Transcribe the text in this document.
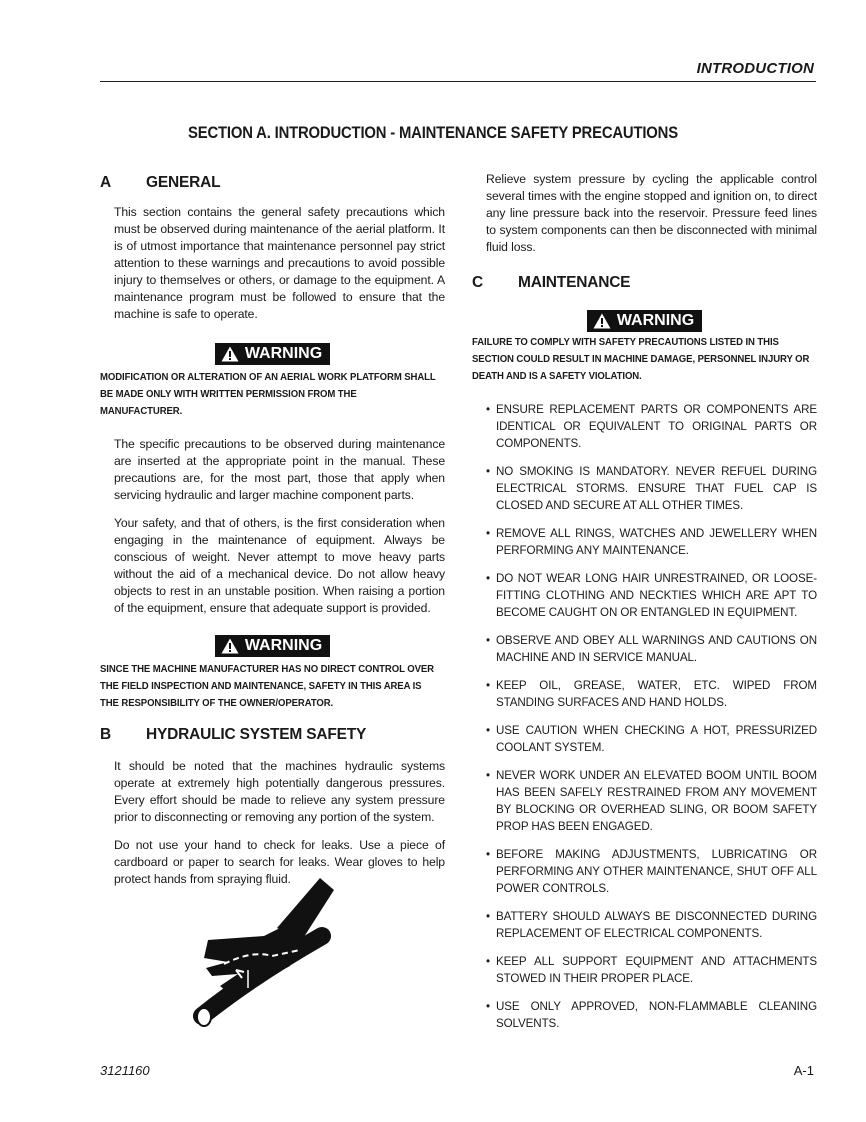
INTRODUCTION
SECTION A. INTRODUCTION - MAINTENANCE SAFETY PRECAUTIONS
A	GENERAL

This section contains the general safety precautions which must be observed during maintenance of the aerial platform. It is of utmost importance that maintenance personnel pay strict attention to these warnings and precautions to avoid possible injury to themselves or others, or damage to the equipment. A maintenance program must be followed to ensure that the machine is safe to operate.

WARNING

MODIFICATION OR ALTERATION OF AN AERIAL WORK PLATFORM SHALL BE MADE ONLY WITH WRITTEN PERMISSION FROM THE MANUFACTURER.

The specific precautions to be observed during maintenance are inserted at the appropriate point in the manual. These precautions are, for the most part, those that apply when servicing hydraulic and larger machine component parts.

Your safety, and that of others, is the first consideration when engaging in the maintenance of equipment. Always be conscious of weight. Never attempt to move heavy parts without the aid of a mechanical device. Do not allow heavy objects to rest in an unstable position. When raising a portion of the equipment, ensure that adequate support is provided.

WARNING

SINCE THE MACHINE MANUFACTURER HAS NO DIRECT CONTROL OVER THE FIELD INSPECTION AND MAINTENANCE, SAFETY IN THIS AREA IS THE RESPONSIBILITY OF THE OWNER/OPERATOR.

B	HYDRAULIC SYSTEM SAFETY

It should be noted that the machines hydraulic systems operate at extremely high potentially dangerous pressures. Every effort should be made to relieve any system pressure prior to disconnecting or removing any portion of the system.

Do not use your hand to check for leaks. Use a piece of cardboard or paper to search for leaks. Wear gloves to help protect hands from spraying fluid.

Relieve system pressure by cycling the applicable control several times with the engine stopped and ignition on, to direct any line pressure back into the reservoir. Pressure feed lines to system components can then be disconnected with minimal fluid loss.

C	MAINTENANCE
WARNING

FAILURE TO COMPLY WITH SAFETY PRECAUTIONS LISTED IN THIS SECTION COULD RESULT IN MACHINE DAMAGE, PERSONNEL INJURY OR DEATH AND IS A SAFETY VIOLATION.

• ENSURE REPLACEMENT PARTS OR COMPONENTS ARE IDENTICAL OR EQUIVALENT TO ORIGINAL PARTS OR COMPONENTS.
• NO SMOKING IS MANDATORY. NEVER REFUEL DURING ELECTRICAL STORMS. ENSURE THAT FUEL CAP IS CLOSED AND SECURE AT ALL OTHER TIMES.
• REMOVE ALL RINGS, WATCHES AND JEWELLERY WHEN PERFORMING ANY MAINTENANCE.
• DO NOT WEAR LONG HAIR UNRESTRAINED, OR LOOSE-FITTING CLOTHING AND NECKTIES WHICH ARE APT TO BECOME CAUGHT ON OR ENTANGLED IN EQUIPMENT.
• OBSERVE AND OBEY ALL WARNINGS AND CAUTIONS ON MACHINE AND IN SERVICE MANUAL.
• KEEP OIL, GREASE, WATER, ETC. WIPED FROM STANDING SURFACES AND HAND HOLDS.
• USE CAUTION WHEN CHECKING A HOT, PRESSURIZED COOLANT SYSTEM.
• NEVER WORK UNDER AN ELEVATED BOOM UNTIL BOOM HAS BEEN SAFELY RESTRAINED FROM ANY MOVEMENT BY BLOCKING OR OVERHEAD SLING, OR BOOM SAFETY PROP HAS BEEN ENGAGED.
• BEFORE MAKING ADJUSTMENTS, LUBRICATING OR PERFORMING ANY OTHER MAINTENANCE, SHUT OFF ALL POWER CONTROLS.
• BATTERY SHOULD ALWAYS BE DISCONNECTED DURING REPLACEMENT OF ELECTRICAL COMPONENTS.
• KEEP ALL SUPPORT EQUIPMENT AND ATTACHMENTS STOWED IN THEIR PROPER PLACE.
• USE ONLY APPROVED, NON-FLAMMABLE CLEANING SOLVENTS.
3121160	A-1
